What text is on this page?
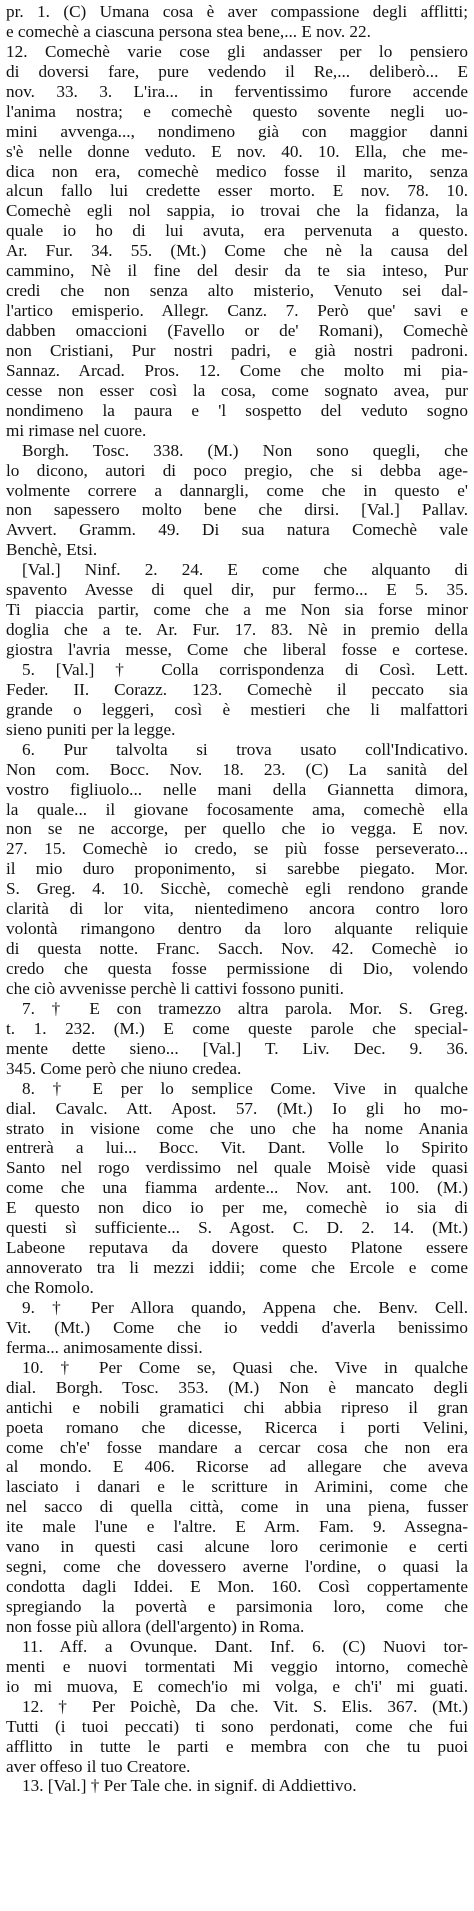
pr. 1. (C) Umana cosa è aver compassione degli afflitti;
e comechè a ciascuna persona stea bene,... E nov. 22.
12. Comechè varie cose gli andasser per lo pensiero
di doversi fare, pure vedendo il Re,... deliberò... E
nov. 33. 3. L'ira... in ferventissimo furore accende
l'anima nostra; e comechè questo sovente negli uo-
mini avvenga..., nondimeno già con maggior danni
s'è nelle donne veduto. E nov. 40. 10. Ella, che me-
dica non era, comechè medico fosse il marito, senza
alcun fallo lui credette esser morto. E nov. 78. 10.
Comechè egli nol sappia, io trovai che la fidanza, la
quale io ho di lui avuta, era pervenuta a questo.
Ar. Fur. 34. 55. (Mt.) Come che nè la causa del
cammino, Nè il fine del desir da te sia inteso, Pur
credi che non senza alto misterio, Venuto sei dal-
l'artico emisperio. Allegr. Canz. 7. Però que' savi e
dabben omaccioni (Favello or de' Romani), Comechè
non Cristiani, Pur nostri padri, e già nostri padroni.
Sannaz. Arcad. Pros. 12. Come che molto mi pia-
cesse non esser così la cosa, come sognato avea, pur
nondimeno la paura e 'l sospetto del veduto sogno
mi rimase nel cuore.
Borgh. Tosc. 338. (M.) Non sono quegli, che
lo dicono, autori di poco pregio, che si debba age-
volmente correre a dannargli, come che in questo e'
non sapessero molto bene che dirsi. [Val.] Pallav.
Avvert. Gramm. 49. Di sua natura Comechè vale
Benchè, Etsi.
[Val.] Ninf. 2. 24. E come che alquanto di
spavento Avesse di quel dir, pur fermo... E 5. 35.
Ti piaccia partir, come che a me Non sia forse minor
doglia che a te. Ar. Fur. 17. 83. Nè in premio della
giostra l'avria messe, Come che liberal fosse e cortese.
5. [Val.] † Colla corrispondenza di Così. Lett.
Feder. II. Corazz. 123. Comechè il peccato sia
grande o leggeri, così è mestieri che li malfattori
sieno puniti per la legge.
6. Pur talvolta si trova usato coll'Indicativo.
Non com. Bocc. Nov. 18. 23. (C) La sanità del
vostro figliuolo... nelle mani della Giannetta dimora,
la quale... il giovane focosamente ama, comechè ella
non se ne accorge, per quello che io vegga. E nov.
27. 15. Comechè io credo, se più fosse perseverato...
il mio duro proponimento, si sarebbe piegato. Mor.
S. Greg. 4. 10. Sicchè, comechè egli rendono grande
clarità di lor vita, nientedimeno ancora contro loro
volontà rimangono dentro da loro alquante reliquie
di questa notte. Franc. Sacch. Nov. 42. Comechè io
credo che questa fosse permissione di Dio, volendo
che ciò avvenisse perchè li cattivi fossono puniti.
7. † E con tramezzo altra parola. Mor. S. Greg.
t. 1. 232. (M.) E come queste parole che special-
mente dette sieno... [Val.] T. Liv. Dec. 9. 36.
345. Come però che niuno credea.
8. † E per lo semplice Come. Vive in qualche
dial. Cavalc. Att. Apost. 57. (Mt.) Io gli ho mo-
strato in visione come che uno che ha nome Anania
entrerà a lui... Bocc. Vit. Dant. Volle lo Spirito
Santo nel rogo verdissimo nel quale Moisè vide quasi
come che una fiamma ardente... Nov. ant. 100. (M.)
E questo non dico io per me, comechè io sia di
questi sì sufficiente... S. Agost. C. D. 2. 14. (Mt.)
Labeone reputava da dovere questo Platone essere
annoverato tra li mezzi iddii; come che Ercole e come
che Romolo.
9. † Per Allora quando, Appena che. Benv. Cell.
Vit. (Mt.) Come che io veddi d'averla benissimo
ferma... animosamente dissi.
10. † Per Come se, Quasi che. Vive in qualche
dial. Borgh. Tosc. 353. (M.) Non è mancato degli
antichi e nobili gramatici chi abbia ripreso il gran
poeta romano che dicesse, Ricerca i porti Velini,
come ch'e' fosse mandare a cercar cosa che non era
al mondo. E 406. Ricorse ad allegare che aveva
lasciato i danari e le scritture in Arimini, come che
nel sacco di quella città, come in una piena, fusser
ite male l'une e l'altre. E Arm. Fam. 9. Assegna-
vano in questi casi alcune loro cerimonie e certi
segni, come che dovessero averne l'ordine, o quasi la
condotta dagli Iddei. E Mon. 160. Così coppertamente
spregiando la povertà e parsimonia loro, come che
non fosse più allora (dell'argento) in Roma.
11. Aff. a Ovunque. Dant. Inf. 6. (C) Nuovi tor-
menti e nuovi tormentati Mi veggio intorno, comechè
io mi muova, E comech'io mi volga, e ch'i' mi guati.
12. † Per Poichè, Da che. Vit. S. Elis. 367. (Mt.)
Tutti (i tuoi peccati) ti sono perdonati, come che fui
afflitto in tutte le parti e membra con che tu puoi
aver offeso il tuo Creatore.
13. [Val.] † Per Tale che. in signif. di Addiettivo.
